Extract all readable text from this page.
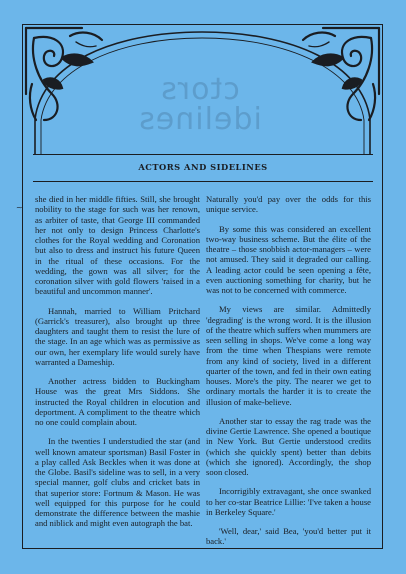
ctors
idelines
ACTORS AND SIDELINES
~

she died in her middle fifties. Still, she brought nobility to the stage for such was her renown, as arbiter of taste, that George III commanded her not only to design Princess Charlotte's clothes for the Royal wedding and Coronation but also to dress and instruct his future Queen in the ritual of these occasions. For the wedding, the gown was all silver; for the coronation silver with gold flowers 'raised in a beautiful and uncommon manner'.

Hannah, married to William Pritchard (Garrick's treasurer), also brought up three daughters and taught them to resist the lure of the stage. In an age which was as permissive as our own, her exemplary life would surely have warranted a Dameship.

Another actress bidden to Buckingham House was the great Mrs Siddons. She instructed the Royal children in elocution and deportment. A compliment to the theatre which no one could complain about.

In the twenties I understudied the star (and well known amateur sportsman) Basil Foster in a play called Ask Beckles when it was done at the Globe. Basil's sideline was to sell, in a very special manner, golf clubs and cricket bats in that superior store: Fortnum & Mason. He was well equipped for this purpose for he could demonstrate the difference between the mashie and niblick and might even autograph the bat.

Naturally you'd pay over the odds for this unique service.

By some this was considered an excellent two-way business scheme. But the élite of the theatre – those snobbish actor-managers – were not amused. They said it degraded our calling. A leading actor could be seen opening a fête, even auctioning something for charity, but he was not to be concerned with commerce.

My views are similar. Admittedly 'degrading' is the wrong word. It is the illusion of the theatre which suffers when mummers are seen selling in shops. We've come a long way from the time when Thespians were remote from any kind of society, lived in a different quarter of the town, and fed in their own eating houses. More's the pity. The nearer we get to ordinary mortals the harder it is to create the illusion of make-believe.

Another star to essay the rag trade was the divine Gertie Lawrence. She opened a boutique in New York. But Gertie understood credits (which she quickly spent) better than debits (which she ignored). Accordingly, the shop soon closed.

Incorrigibly extravagant, she once swanked to her co-star Beatrice Lillie: 'I've taken a house in Berkeley Square.'

'Well, dear,' said Bea, 'you'd better put it back.'
